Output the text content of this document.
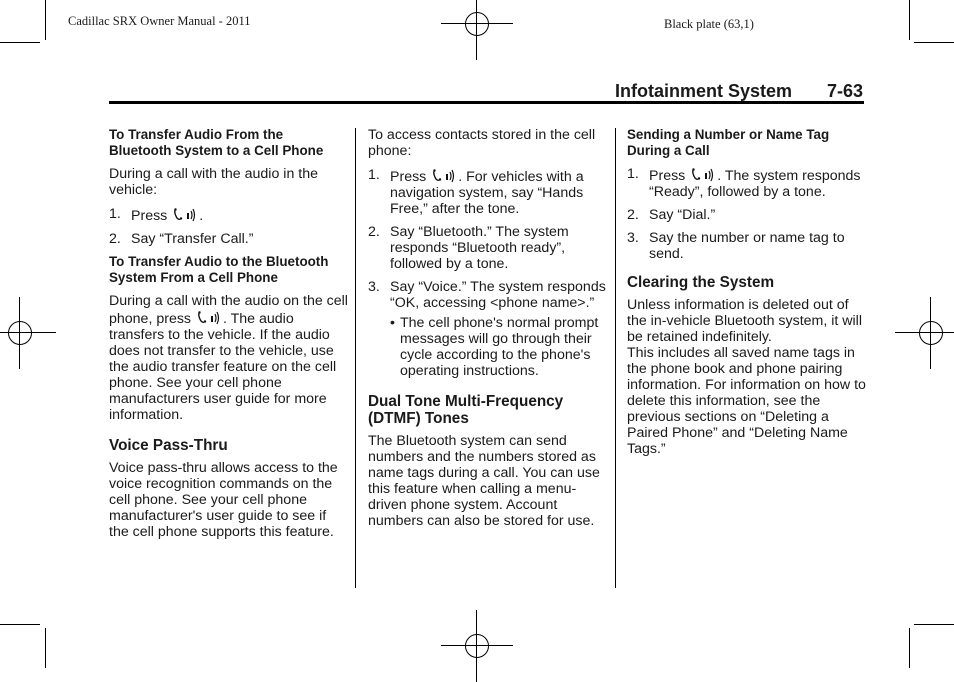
Cadillac SRX Owner Manual - 2011	Black plate (63,1)
Infotainment System 7-63
To Transfer Audio From the Bluetooth System to a Cell Phone

During a call with the audio in the vehicle:

1. Press .
2. Say “Transfer Call.”
To Transfer Audio to the Bluetooth System From a Cell Phone

During a call with the audio on the cell phone, press . The audio transfers to the vehicle. If the audio does not transfer to the vehicle, use the audio transfer feature on the cell phone. See your cell phone manufacturers user guide for more information.

Voice Pass-Thru

Voice pass-thru allows access to the voice recognition commands on the cell phone. See your cell phone manufacturer's user guide to see if the cell phone supports this feature.

To access contacts stored in the cell phone:

1. Press . For vehicles with a navigation system, say “Hands Free,” after the tone.
2. Say “Bluetooth.” The system responds “Bluetooth ready”, followed by a tone.
3. Say “Voice.” The system responds “OK, accessing <phone name>.”
• The cell phone's normal prompt messages will go through their cycle according to the phone's operating instructions.
Dual Tone Multi-Frequency (DTMF) Tones

The Bluetooth system can send numbers and the numbers stored as name tags during a call. You can use this feature when calling a menu-driven phone system. Account numbers can also be stored for use.

Sending a Number or Name Tag During a Call
1. Press . The system responds “Ready”, followed by a tone.
2. Say “Dial.”
3. Say the number or name tag to send.
Clearing the System

Unless information is deleted out of the in-vehicle Bluetooth system, it will be retained indefinitely.

This includes all saved name tags in the phone book and phone pairing information. For information on how to delete this information, see the previous sections on “Deleting a Paired Phone” and “Deleting Name Tags.”
